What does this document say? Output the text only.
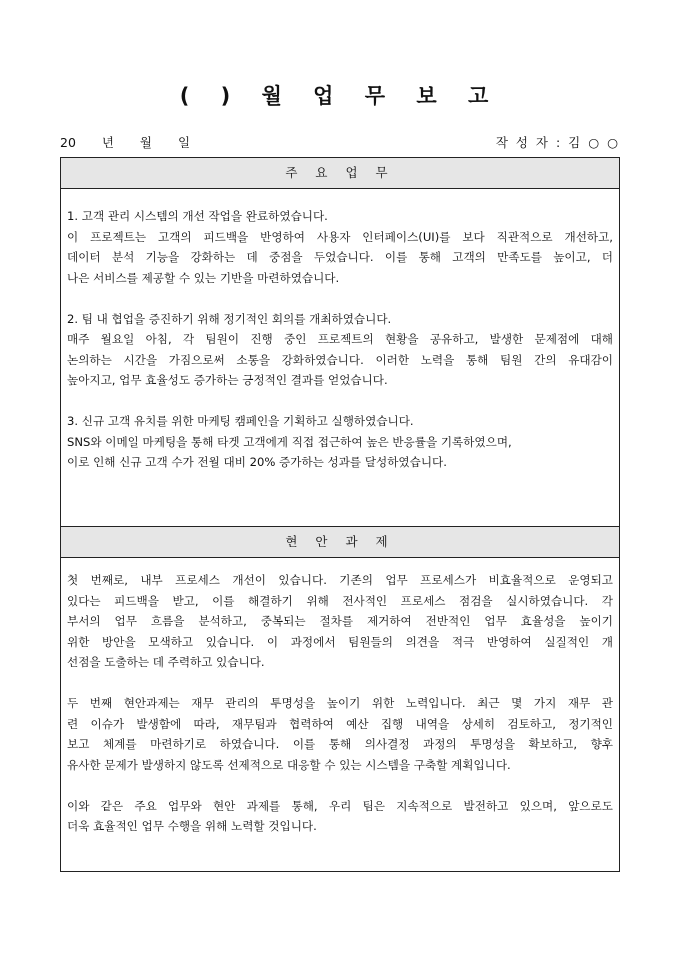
( ) 월 업 무 보 고
20 년 월 일	작 성 자 : 김 ○ ○
주 요 업 무
1. 고객 관리 시스템의 개선 작업을 완료하였습니다.
이 프로젝트는 고객의 피드백을 반영하여 사용자 인터페이스(UI)를 보다 직관적으로 개선하고,
데이터 분석 기능을 강화하는 데 중점을 두었습니다. 이를 통해 고객의 만족도를 높이고, 더
나은 서비스를 제공할 수 있는 기반을 마련하였습니다.
2. 팀 내 협업을 증진하기 위해 정기적인 회의를 개최하였습니다.
매주 월요일 아침, 각 팀원이 진행 중인 프로젝트의 현황을 공유하고, 발생한 문제점에 대해
논의하는 시간을 가짐으로써 소통을 강화하였습니다. 이러한 노력을 통해 팀원 간의 유대감이
높아지고, 업무 효율성도 증가하는 긍정적인 결과를 얻었습니다.
3. 신규 고객 유치를 위한 마케팅 캠페인을 기획하고 실행하였습니다.
SNS와 이메일 마케팅을 통해 타겟 고객에게 직접 접근하여 높은 반응률을 기록하였으며,
이로 인해 신규 고객 수가 전월 대비 20% 증가하는 성과를 달성하였습니다.
현 안 과 제
첫 번째로, 내부 프로세스 개선이 있습니다. 기존의 업무 프로세스가 비효율적으로 운영되고
있다는 피드백을 받고, 이를 해결하기 위해 전사적인 프로세스 점검을 실시하였습니다. 각
부서의 업무 흐름을 분석하고, 중복되는 절차를 제거하여 전반적인 업무 효율성을 높이기
위한 방안을 모색하고 있습니다. 이 과정에서 팀원들의 의견을 적극 반영하여 실질적인 개
선점을 도출하는 데 주력하고 있습니다.
두 번째 현안과제는 재무 관리의 투명성을 높이기 위한 노력입니다. 최근 몇 가지 재무 관
련 이슈가 발생함에 따라, 재무팀과 협력하여 예산 집행 내역을 상세히 검토하고, 정기적인
보고 체계를 마련하기로 하였습니다. 이를 통해 의사결정 과정의 투명성을 확보하고, 향후
유사한 문제가 발생하지 않도록 선제적으로 대응할 수 있는 시스템을 구축할 계획입니다.
이와 같은 주요 업무와 현안 과제를 통해, 우리 팀은 지속적으로 발전하고 있으며, 앞으로도
더욱 효율적인 업무 수행을 위해 노력할 것입니다.
